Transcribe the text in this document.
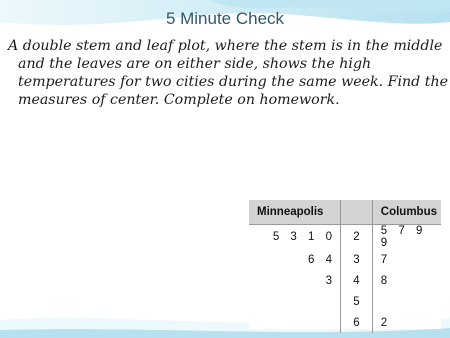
5 Minute Check
A double stem and leaf plot, where the stem is in the middle and the leaves are on either side, shows the high temperatures for two cities during the same week. Find the measures of center. Complete on homework.
Minneapolis		Columbus
5 3 1 0	2	5 7 9 9
6 4	3	7
3	4	8
	5	
	6	2
